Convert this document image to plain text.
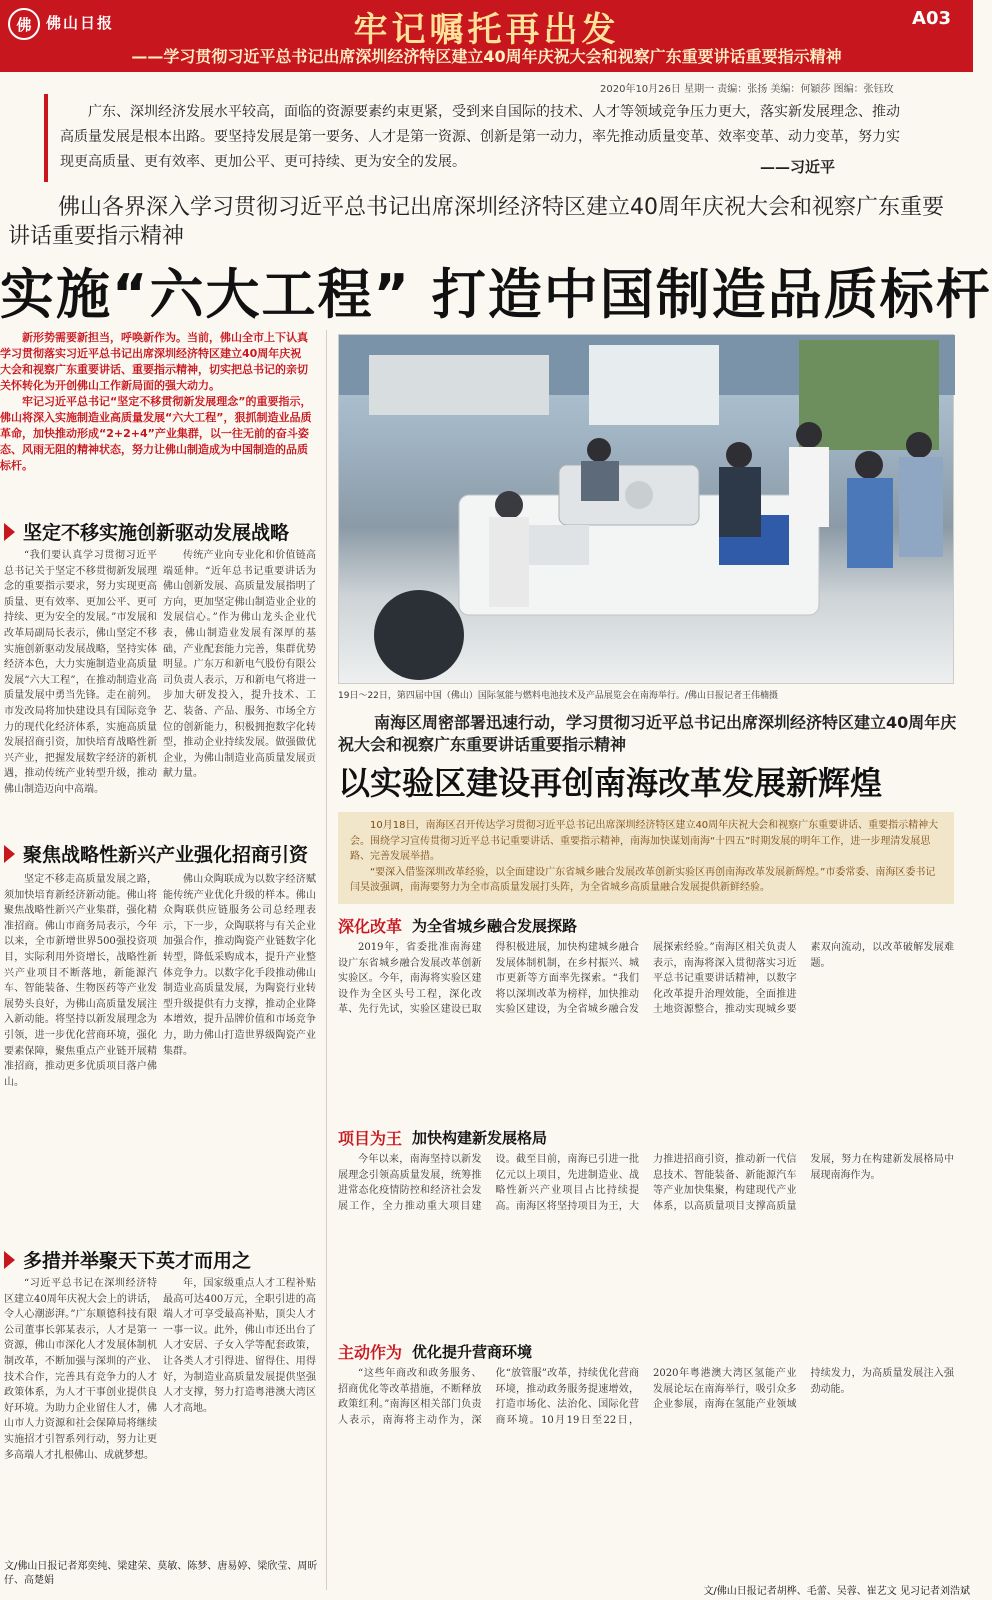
佛 佛山日报	牢记嘱托再出发
——学习贯彻习近平总书记出席深圳经济特区建立40周年庆祝大会和视察广东重要讲话重要指示精神
A03
2020年10月26日 星期一 责编：张扬 美编：何穎莎 图编：张钰玫
广东、深圳经济发展水平较高，面临的资源要素约束更紧，受到来自国际的技术、人才等领域竞争压力更大，落实新发展理念、推动高质量发展是根本出路。要坚持发展是第一要务、人才是第一资源、创新是第一动力，率先推动质量变革、效率变革、动力变革，努力实现更高质量、更有效率、更加公平、更可持续、更为安全的发展。	——习近平
佛山各界深入学习贯彻习近平总书记出席深圳经济特区建立40周年庆祝大会和视察广东重要讲话重要指示精神
实施“六大工程” 打造中国制造品质标杆

新形势需要新担当，呼唤新作为。当前，佛山全市上下认真学习贯彻落实习近平总书记出席深圳经济特区建立40周年庆祝大会和视察广东重要讲话、重要指示精神，切实把总书记的亲切关怀转化为开创佛山工作新局面的强大动力。

牢记习近平总书记“坚定不移贯彻新发展理念”的重要指示，佛山将深入实施制造业高质量发展“六大工程”，狠抓制造业品质革命，加快推动形成“2+2+4”产业集群，以一往无前的奋斗姿态、风雨无阻的精神状态，努力让佛山制造成为中国制造的品质标杆。

19日～22日，第四届中国（佛山）国际氢能与燃料电池技术及产品展览会在南海举行。/佛山日报记者王伟楠摄
坚定不移实施创新驱动发展战略
“我们要认真学习贯彻习近平总书记关于坚定不移贯彻新发展理念的重要指示要求，努力实现更高质量、更有效率、更加公平、更可持续、更为安全的发展。”市发展和改革局副局长表示，佛山坚定不移实施创新驱动发展战略，坚持实体经济本色，大力实施制造业高质量发展“六大工程”，在推动制造业高质量发展中勇当先锋。走在前列。市发改局将加快建设具有国际竞争力的现代化经济体系，实施高质量发展招商引资，加快培育战略性新兴产业，把握发展数字经济的新机遇，推动传统产业转型升级，推动佛山制造迈向中高端。
传统产业向专业化和价值链高端延伸。“近年总书记重要讲话为佛山创新发展、高质量发展指明了方向，更加坚定佛山制造业企业的发展信心。”作为佛山龙头企业代表，佛山制造业发展有深厚的基础，产业配套能力完善，集群优势明显。广东万和新电气股份有限公司负责人表示，万和新电气将进一步加大研发投入，提升技术、工艺、装备、产品、服务、市场全方位的创新能力，积极拥抱数字化转型，推动企业持续发展。做强做优企业，为佛山制造业高质量发展贡献力量。
聚焦战略性新兴产业强化招商引资
坚定不移走高质量发展之路，须加快培育新经济新动能。佛山将聚焦战略性新兴产业集群，强化精准招商。佛山市商务局表示，今年以来，全市新增世界500强投资项目，实际利用外资增长，战略性新兴产业项目不断落地，新能源汽车、智能装备、生物医药等产业发展势头良好，为佛山高质量发展注入新动能。将坚持以新发展理念为引领，进一步优化营商环境，强化要素保障，聚焦重点产业链开展精准招商，推动更多优质项目落户佛山。
佛山众陶联成为以数字经济赋能传统产业优化升级的样本。佛山众陶联供应链服务公司总经理表示，下一步，众陶联将与有关企业加强合作，推动陶瓷产业链数字化转型，降低采购成本，提升产业整体竞争力。以数字化手段推动佛山制造业高质量发展，为陶瓷行业转型升级提供有力支撑，推动企业降本增效，提升品牌价值和市场竞争力，助力佛山打造世界级陶瓷产业集群。
多措并举聚天下英才而用之
“习近平总书记在深圳经济特区建立40周年庆祝大会上的讲话，令人心潮澎湃。”广东顺德科技有限公司董事长郭某表示，人才是第一资源，佛山市深化人才发展体制机制改革，不断加强与深圳的产业、技术合作，完善具有竞争力的人才政策体系，为人才干事创业提供良好环境。为助力企业留住人才，佛山市人力资源和社会保障局将继续实施招才引智系列行动，努力让更多高端人才扎根佛山、成就梦想。
年，国家级重点人才工程补贴最高可达400万元，全职引进的高端人才可享受最高补贴，顶尖人才一事一议。此外，佛山市还出台了人才安居、子女入学等配套政策，让各类人才引得进、留得住、用得好，为制造业高质量发展提供坚强人才支撑，努力打造粤港澳大湾区人才高地。
文/佛山日报记者郑奕纯、梁建荣、莫敏、陈梦、唐易婷、梁欣莹、周昕仔、高楚娟
南海区周密部署迅速行动，学习贯彻习近平总书记出席深圳经济特区建立40周年庆祝大会和视察广东重要讲话重要指示精神
以实验区建设再创南海改革发展新辉煌

10月18日，南海区召开传达学习贯彻习近平总书记出席深圳经济特区建立40周年庆祝大会和视察广东重要讲话、重要指示精神大会。围绕学习宣传贯彻习近平总书记重要讲话、重要指示精神，南海加快谋划南海“十四五”时期发展的明年工作，进一步理清发展思路、完善发展举措。

“要深入借鉴深圳改革经验，以全面建设广东省城乡融合发展改革创新实验区再创南海改革发展新辉煌。”市委常委、南海区委书记闫昊波强调，南海要努力为全市高质量发展打头阵，为全省城乡高质量融合发展提供新鲜经验。

深化改革 为全省城乡融合发展探路
2019年，省委批准南海建设广东省城乡融合发展改革创新实验区。今年，南海将实验区建设作为全区头号工程，深化改革、先行先试，实验区建设已取得积极进展，加快构建城乡融合发展体制机制，在乡村振兴、城市更新等方面率先探索。“我们将以深圳改革为榜样，加快推动实验区建设，为全省城乡融合发展探索经验。”南海区相关负责人表示，南海将深入贯彻落实习近平总书记重要讲话精神，以数字化改革提升治理效能，全面推进土地资源整合，推动实现城乡要素双向流动，以改革破解发展难题。
项目为王 加快构建新发展格局
今年以来，南海坚持以新发展理念引领高质量发展，统筹推进常态化疫情防控和经济社会发展工作，全力推动重大项目建设。截至目前，南海已引进一批亿元以上项目，先进制造业、战略性新兴产业项目占比持续提高。南海区将坚持项目为王，大力推进招商引资，推动新一代信息技术、智能装备、新能源汽车等产业加快集聚，构建现代产业体系，以高质量项目支撑高质量发展，努力在构建新发展格局中展现南海作为。
主动作为 优化提升营商环境
“这些年商改和政务服务、招商优化等改革措施，不断释放政策红利。”南海区相关部门负责人表示，南海将主动作为，深化“放管服”改革，持续优化营商环境，推动政务服务提速增效，打造市场化、法治化、国际化营商环境。10月19日至22日，2020年粤港澳大湾区氢能产业发展论坛在南海举行，吸引众多企业参展，南海在氢能产业领域持续发力，为高质量发展注入强劲动能。
文/佛山日报记者胡桦、毛蕾、吴蓉、崔艺文 见习记者刘浩斌
